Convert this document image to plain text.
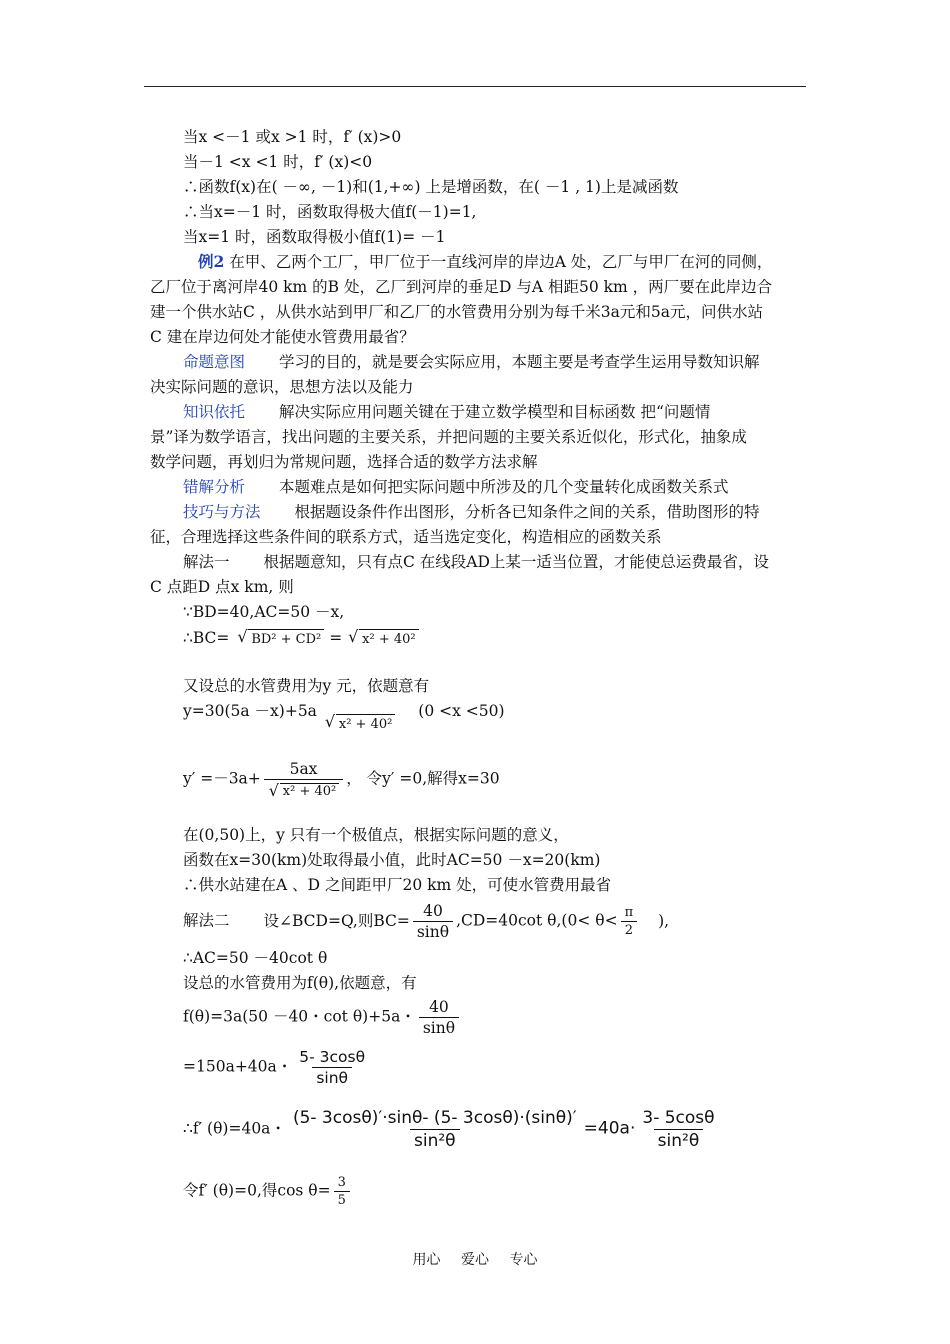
当x <－1 或x >1 时，f′ (x)>0
当－1 <x <1 时，f′ (x)<0
∴函数f(x)在( －∞, －1)和(1,+∞) 上是增函数，在( －1 , 1)上是减函数
∴当x=－1 时，函数取得极大值f(－1)=1,
当x=1 时，函数取得极小值f(1)= －1
例2 在甲、乙两个工厂，甲厂位于一直线河岸的岸边A 处，乙厂与甲厂在河的同侧，
乙厂位于离河岸40 km 的B 处，乙厂到河岸的垂足D 与A 相距50 km ，两厂要在此岸边合
建一个供水站C ，从供水站到甲厂和乙厂的水管费用分别为每千米3a元和5a元，问供水站
C 建在岸边何处才能使水管费用最省？
命题意图 学习的目的，就是要会实际应用，本题主要是考查学生运用导数知识解
决实际问题的意识，思想方法以及能力
知识依托 解决实际应用问题关键在于建立数学模型和目标函数 把“问题情
景”译为数学语言，找出问题的主要关系，并把问题的主要关系近似化，形式化，抽象成
数学问题，再划归为常规问题，选择合适的数学方法求解
错解分析 本题难点是如何把实际问题中所涉及的几个变量转化成函数关系式
技巧与方法 根据题设条件作出图形，分析各已知条件之间的关系，借助图形的特
征，合理选择这些条件间的联系方式，适当选定变化，构造相应的函数关系
解法一 根据题意知，只有点C 在线段AD上某一适当位置，才能使总运费最省，设
C 点距D 点x km, 则
∵BD=40,AC=50 －x,
∴BC= √ BD² + CD² = √ x² + 40²
又设总的水管费用为y 元，依题意有
y=30(5a －x)+5a √ x² + 40² (0 <x <50)
y′ =－3a+ 5ax
√ x² + 40² ， 令y′ =0,解得x=30
在(0,50)上，y 只有一个极值点，根据实际问题的意义，
函数在x=30(km)处取得最小值，此时AC=50 －x=20(km)
∴供水站建在A 、D 之间距甲厂20 km 处，可使水管费用最省
解法二 设∠BCD=Q,则$BC= \frac{40}{\sin\theta} ,CD=40\cot$ $\theta,(0< \theta< \frac{\pi}{2}$ ),
∴AC=50 －40cot θ
设总的水管费用为f(θ),依题意，有
f(θ)=3a(50 －40・cot θ)+5a・ $\frac{40}{\sin\theta}$
=150a+40a・ $\frac{5- 3\cos\theta}{\sin\theta}$
∴f′ (θ)=40a・ $\frac{(5- 3\cos\theta)'\cdot\sin\theta- (5- 3\cos\theta)\cdot(\sin\theta)'}{\text{sin²θ}} =40a\cdot \frac{3- 5\cos\theta}{\text{sin²θ}}$
令f′ (θ)=0,得$\cos \theta= \frac{3}{5}$
用心 爱心 专心
